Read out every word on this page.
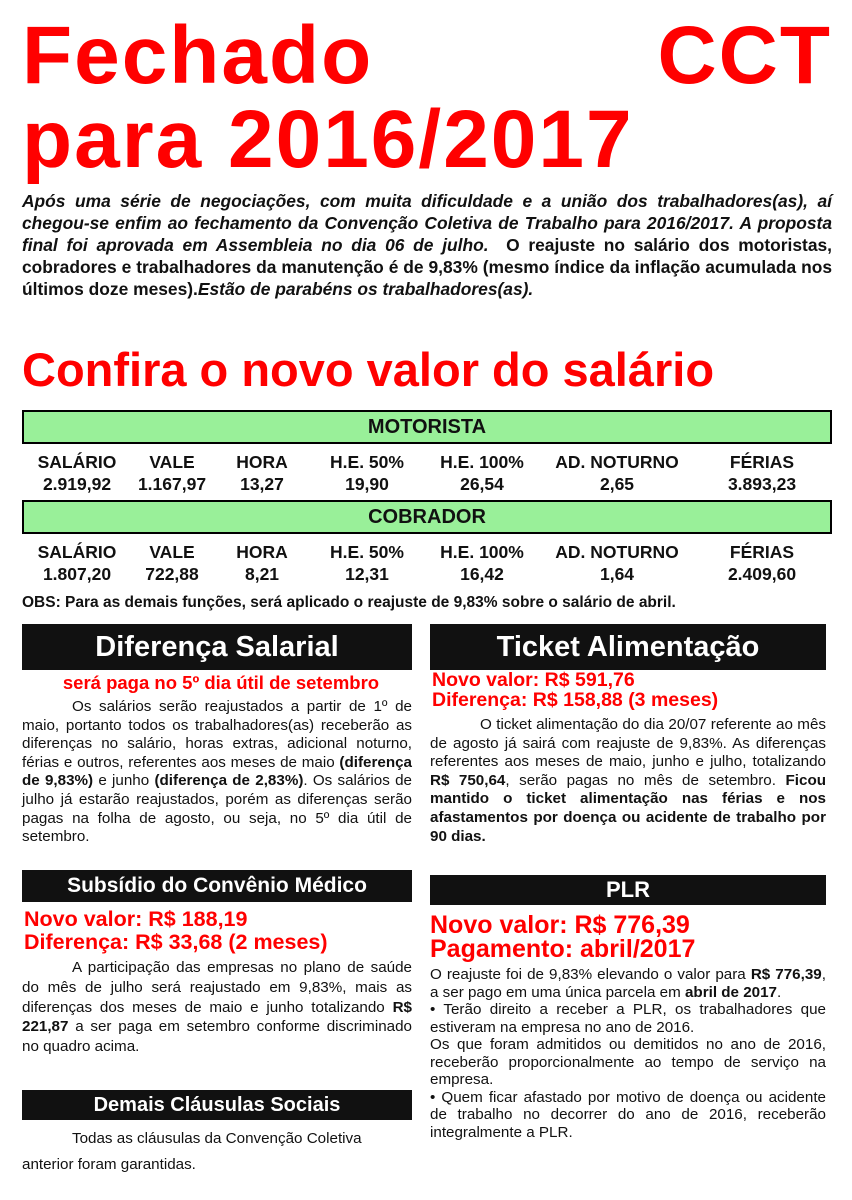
Fechado	CCT
para 2016/2017
Após uma série de negociações, com muita dificuldade e a união dos trabalhadores(as), aí chegou-se enfim ao fechamento da Convenção Coletiva de Trabalho para 2016/2017. A proposta final foi aprovada em Assembleia no dia 06 de julho. O reajuste no salário dos motoristas, cobradores e trabalhadores da manutenção é de 9,83% (mesmo índice da inflação acumulada nos últimos doze meses).Estão de parabéns os trabalhadores(as).
Confira o novo valor do salário
MOTORISTA
SALÁRIO	VALE	HORA	H.E. 50%	H.E. 100%	AD. NOTURNO	FÉRIAS
2.919,92	1.167,97	13,27	19,90	26,54	2,65	3.893,23
COBRADOR
SALÁRIO	VALE	HORA	H.E. 50%	H.E. 100%	AD. NOTURNO	FÉRIAS
1.807,20	722,88	8,21	12,31	16,42	1,64	2.409,60
OBS: Para as demais funções, será aplicado o reajuste de 9,83% sobre o salário de abril.
Diferença Salarial
será paga no 5º dia útil de setembro
Os salários serão reajustados a partir de 1º de maio, portanto todos os trabalhadores(as) receberão as diferenças no salário, horas extras, adicional noturno, férias e outros, referentes aos meses de maio (diferença de 9,83%) e junho (diferença de 2,83%). Os salários de julho já estarão reajustados, porém as diferenças serão pagas na folha de agosto, ou seja, no 5º dia útil de setembro.
Subsídio do Convênio Médico
Novo valor: R$ 188,19
Diferença: R$ 33,68 (2 meses)
A participação das empresas no plano de saúde do mês de julho será reajustado em 9,83%, mais as diferenças dos meses de maio e junho totalizando R$ 221,87 a ser paga em setembro conforme discriminado no quadro acima.
Demais Cláusulas Sociais
Todas as cláusulas da Convenção Coletiva anterior foram garantidas.
Ticket Alimentação
Novo valor: R$ 591,76
Diferença: R$ 158,88 (3 meses)
O ticket alimentação do dia 20/07 referente ao mês de agosto já sairá com reajuste de 9,83%. As diferenças referentes aos meses de maio, junho e julho, totalizando R$ 750,64, serão pagas no mês de setembro. Ficou mantido o ticket alimentação nas férias e nos afastamentos por doença ou acidente de trabalho por 90 dias.
PLR
Novo valor: R$ 776,39
Pagamento: abril/2017
O reajuste foi de 9,83% elevando o valor para R$ 776,39, a ser pago em uma única parcela em abril de 2017.
• Terão direito a receber a PLR, os trabalhadores que estiveram na empresa no ano de 2016.
Os que foram admitidos ou demitidos no ano de 2016, receberão proporcionalmente ao tempo de serviço na empresa.
• Quem ficar afastado por motivo de doença ou acidente de trabalho no decorrer do ano de 2016, receberão integralmente a PLR.
